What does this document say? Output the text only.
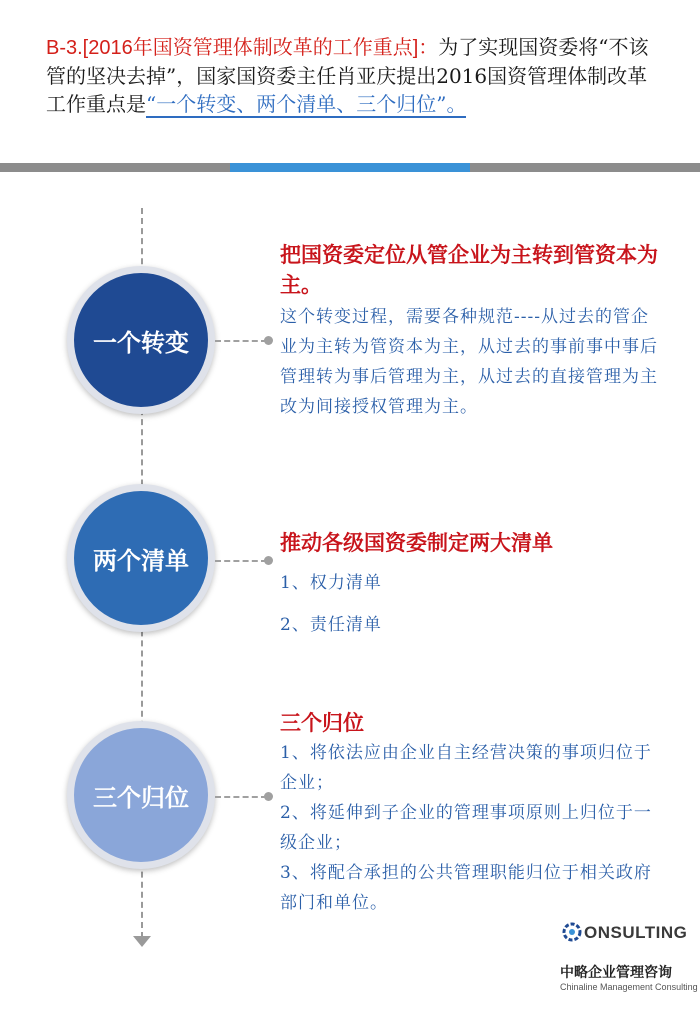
B-3.[2016年国资管理体制改革的工作重点]：为了实现国资委将“不该管的坚决去掉”，国家国资委主任肖亚庆提出2016国资管理体制改革工作重点是“一个转变、两个清单、三个归位”。
一个转变
把国资委定位从管企业为主转到管资本为主。
这个转变过程，需要各种规范----从过去的管企业为主转为管资本为主，从过去的事前事中事后管理转为事后管理为主，从过去的直接管理为主改为间接授权管理为主。
两个清单
推动各级国资委制定两大清单
1、权力清单
2、责任清单
三个归位
三个归位
1、将依法应由企业自主经营决策的事项归位于企业；
2、将延伸到子企业的管理事项原则上归位于一级企业；
3、将配合承担的公共管理职能归位于相关政府部门和单位。
ONSULTING
中略企业管理咨询
Chinaline Management Consulting
